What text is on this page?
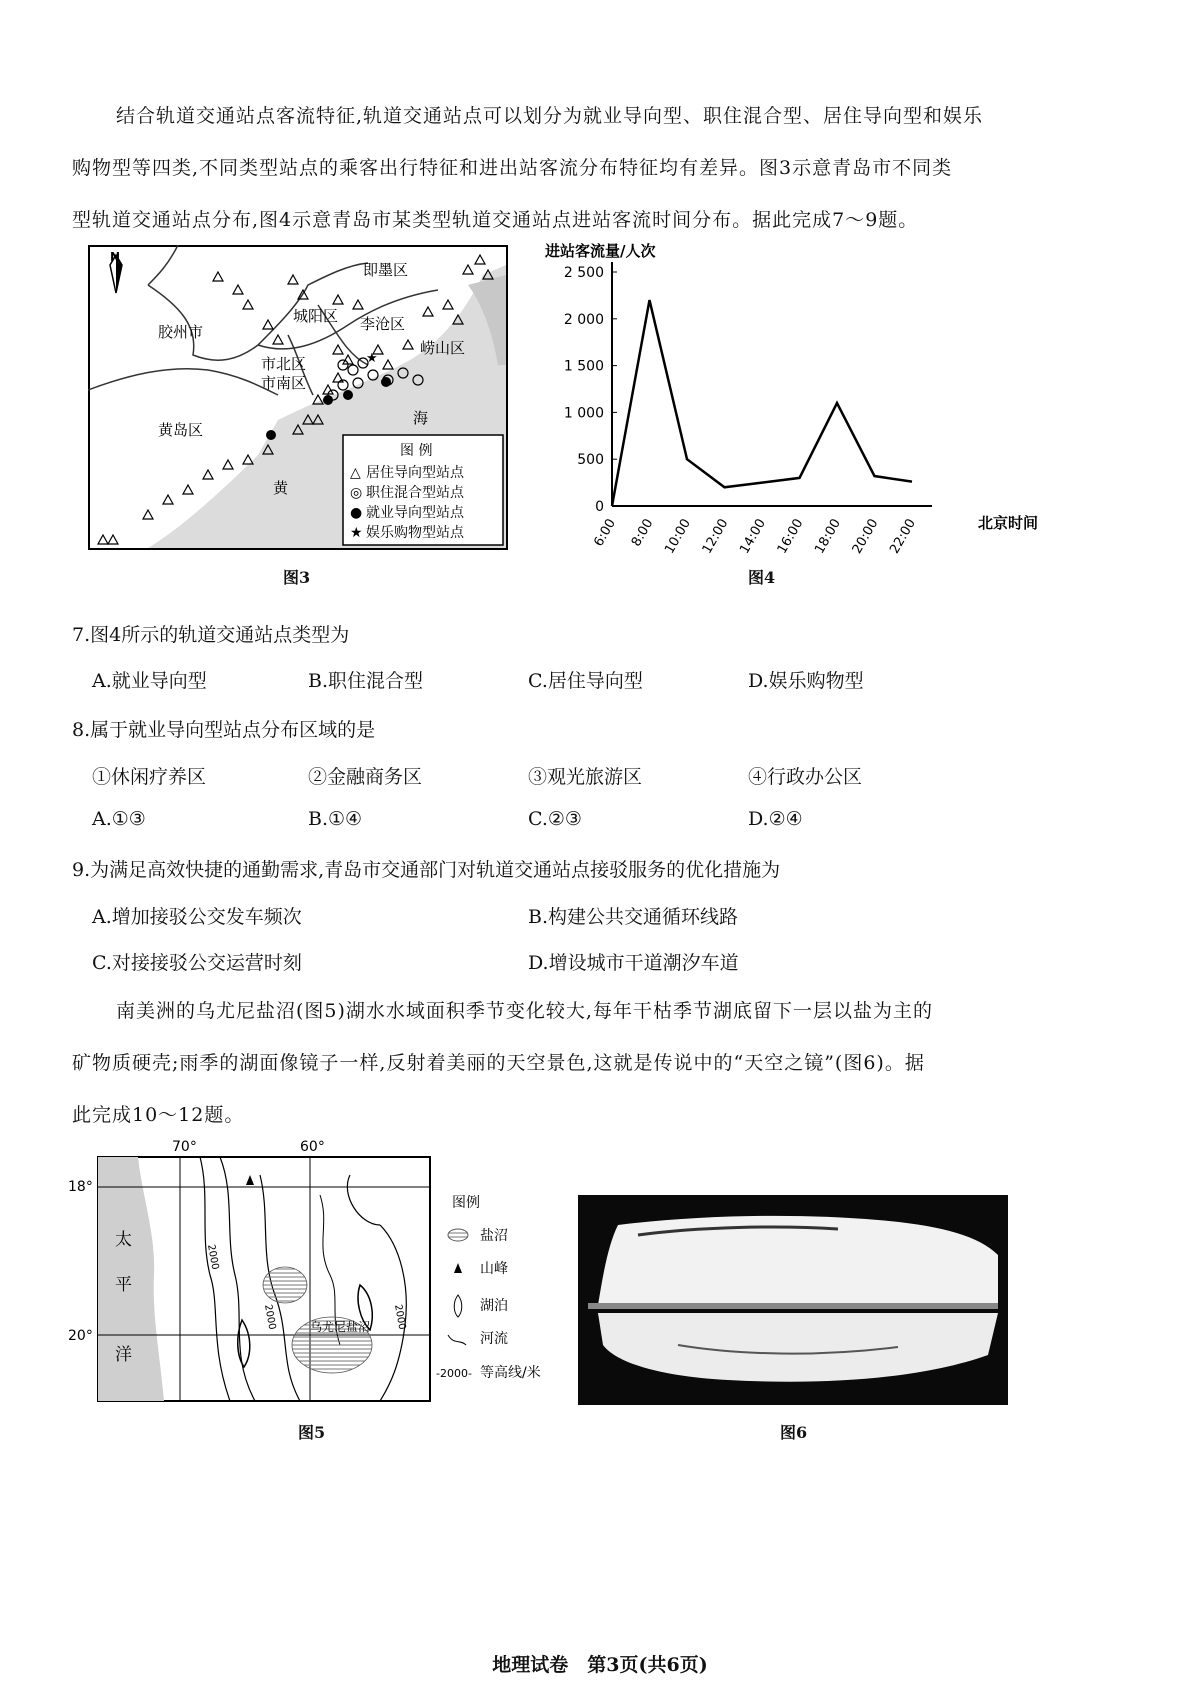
结合轨道交通站点客流特征,轨道交通站点可以划分为就业导向型、职住混合型、居住导向型和娱乐
购物型等四类,不同类型站点的乘客出行特征和进出站客流分布特征均有差异。图3示意青岛市不同类
型轨道交通站点分布,图4示意青岛市某类型轨道交通站点进站客流时间分布。据此完成7～9题。
N
即墨区
胶州市
城阳区 李沧区
崂山区
市北区
市南区
黄岛区
海
黄
★
图 例
△ 居住导向型站点
◎ 职住混合型站点
● 就业导向型站点
★ 娱乐购物型站点
图3
进站客流量/人次
北京时间
0
500
1 000
1 500
2 000
2 500
6:00 8:00 10:00 12:00 14:00 16:00 18:00 20:00 22:00
图4
7.图4所示的轨道交通站点类型为
A.就业导向型	B.职住混合型	C.居住导向型	D.娱乐购物型
8.属于就业导向型站点分布区域的是
①休闲疗养区	②金融商务区	③观光旅游区	④行政办公区
A.①③	B.①④	C.②③	D.②④
9.为满足高效快捷的通勤需求,青岛市交通部门对轨道交通站点接驳服务的优化措施为
A.增加接驳公交发车频次	B.构建公共交通循环线路
C.对接接驳公交运营时刻	D.增设城市干道潮汐车道
南美洲的乌尤尼盐沼(图5)湖水水域面积季节变化较大,每年干枯季节湖底留下一层以盐为主的
矿物质硬壳;雨季的湖面像镜子一样,反射着美丽的天空景色,这就是传说中的“天空之镜”(图6)。据
此完成10～12题。
70°	60°
18°
20°
太
平
洋
2000
2000	2000
乌尤尼盐沼
图例
盐沼
山峰
湖泊
河流
-2000- 等高线/米
图5	图6
地理试卷　第3页(共6页)
